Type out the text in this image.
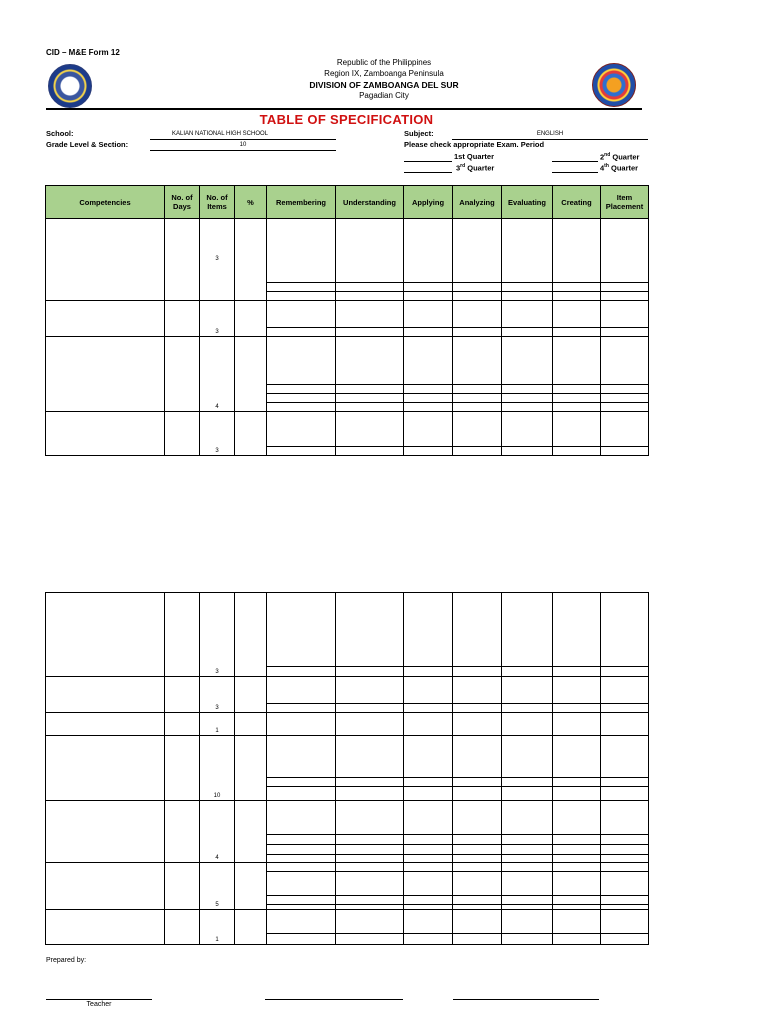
CID – M&E Form 12
Republic of the Philippines
Region IX, Zamboanga Peninsula
DIVISION OF ZAMBOANGA DEL SUR
Pagadian City
TABLE OF SPECIFICATION
School:	KALIAN NATIONAL HIGH SCHOOL
Grade Level & Section:	10
Subject:	ENGLISH
Please check appropriate Exam. Period
1st Quarter	2nd Quarter
3rd Quarter	4th Quarter
Competencies	No. of Days	No. of Items	%	Remembering	Understanding	Applying	Analyzing	Evaluating	Creating	Item Placement
		3								

		3								

		4								

		3								

		3								

		3								

		1								
		10								

		4								

		5								

		1								

Prepared by:
Teacher
